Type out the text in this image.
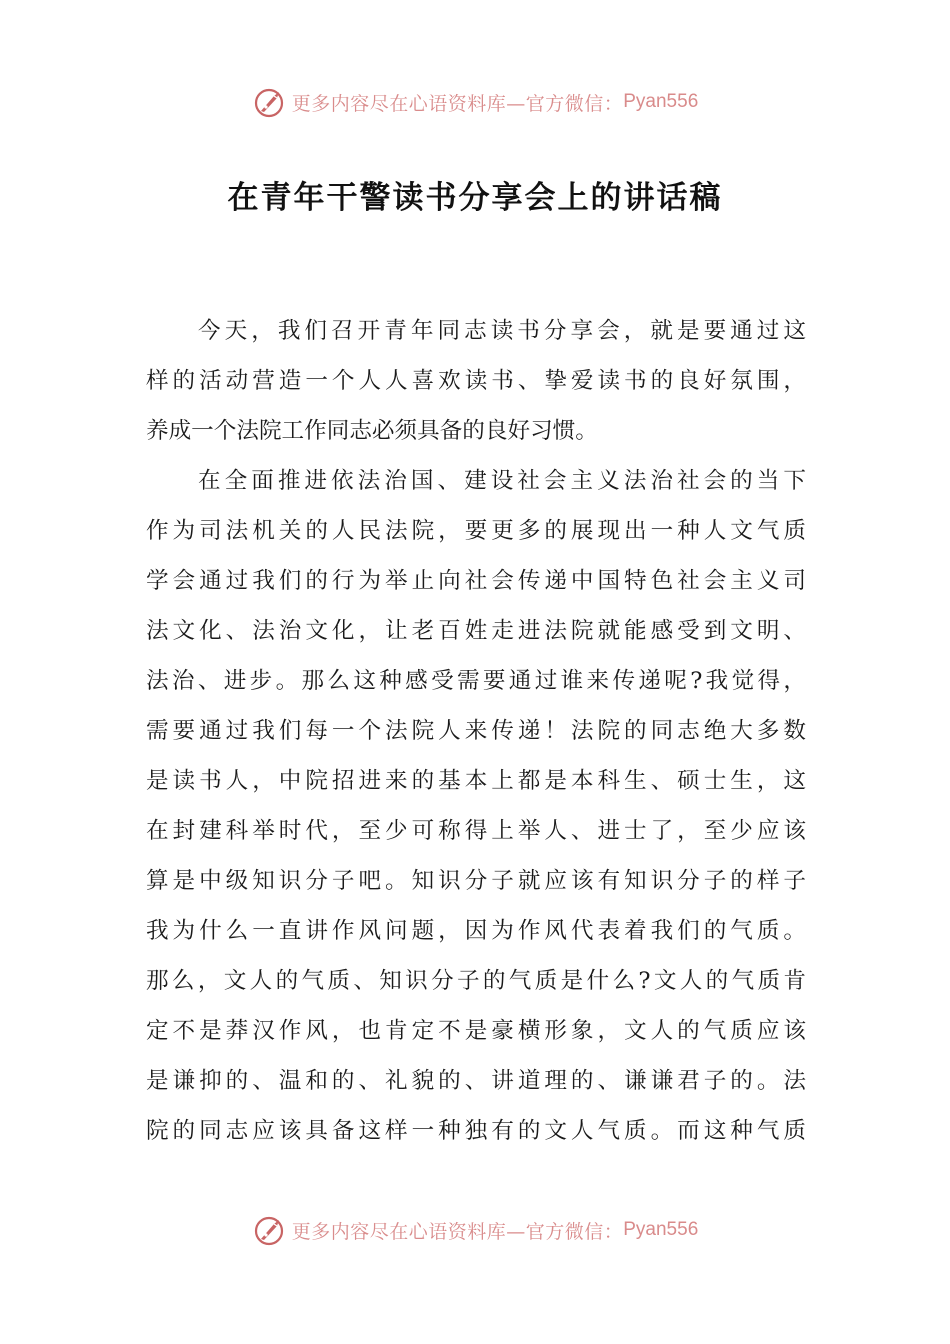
更多内容尽在心语资料库—官方微信： Pyan556
在青年干警读书分享会上的讲话稿
今天，我们召开青年同志读书分享会，就是要通过这
样的活动营造一个人人喜欢读书、挚爱读书的良好氛围，
养成一个法院工作同志必须具备的良好习惯。
在全面推进依法治国、建设社会主义法治社会的当下
作为司法机关的人民法院，要更多的展现出一种人文气质
学会通过我们的行为举止向社会传递中国特色社会主义司
法文化、法治文化，让老百姓走进法院就能感受到文明、
法治、进步。那么这种感受需要通过谁来传递呢?我觉得，
需要通过我们每一个法院人来传递！法院的同志绝大多数
是读书人，中院招进来的基本上都是本科生、硕士生，这
在封建科举时代，至少可称得上举人、进士了，至少应该
算是中级知识分子吧。知识分子就应该有知识分子的样子
我为什么一直讲作风问题，因为作风代表着我们的气质。
那么，文人的气质、知识分子的气质是什么?文人的气质肯
定不是莽汉作风，也肯定不是豪横形象，文人的气质应该
是谦抑的、温和的、礼貌的、讲道理的、谦谦君子的。法
院的同志应该具备这样一种独有的文人气质。而这种气质
更多内容尽在心语资料库—官方微信： Pyan556
